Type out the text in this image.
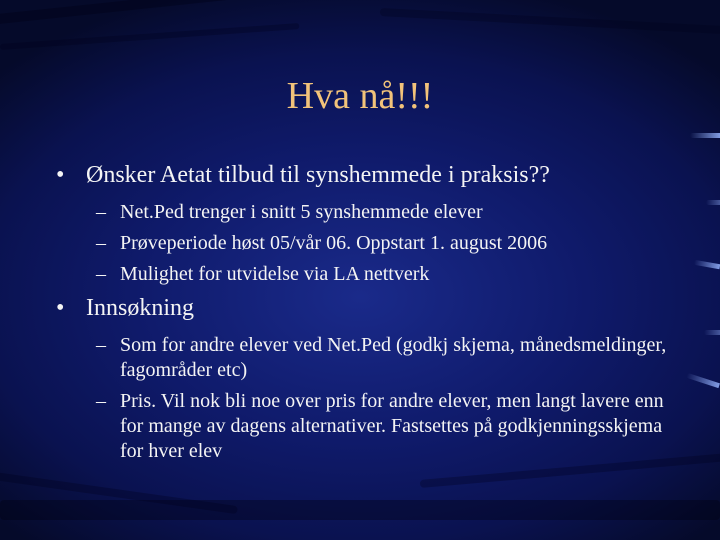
Hva nå!!!
• Ønsker Aetat tilbud til synshemmede i praksis??
– Net.Ped trenger i snitt 5 synshemmede elever
– Prøveperiode høst 05/vår 06. Oppstart 1. august 2006
– Mulighet for utvidelse via LA nettverk
• Innsøkning
– Som for andre elever ved Net.Ped (godkj skjema, månedsmeldinger, fagområder etc)
– Pris. Vil nok bli noe over pris for andre elever, men langt lavere enn for mange av dagens alternativer. Fastsettes på godkjenningsskjema for hver elev
